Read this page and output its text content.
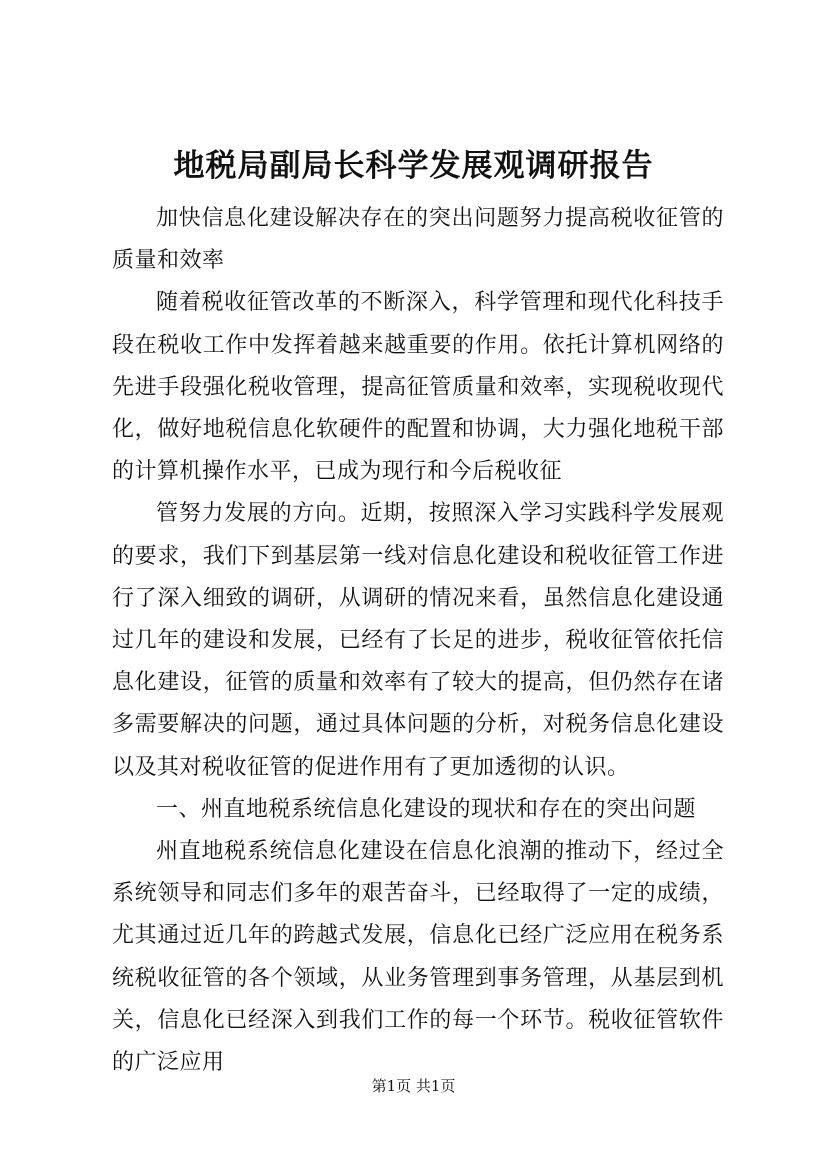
地税局副局长科学发展观调研报告

加快信息化建设解决存在的突出问题努力提高税收征管的质量和效率

随着税收征管改革的不断深入，科学管理和现代化科技手段在税收工作中发挥着越来越重要的作用。依托计算机网络的先进手段强化税收管理，提高征管质量和效率，实现税收现代化，做好地税信息化软硬件的配置和协调，大力强化地税干部的计算机操作水平，已成为现行和今后税收征

管努力发展的方向。近期，按照深入学习实践科学发展观的要求，我们下到基层第一线对信息化建设和税收征管工作进行了深入细致的调研，从调研的情况来看，虽然信息化建设通过几年的建设和发展，已经有了长足的进步，税收征管依托信息化建设，征管的质量和效率有了较大的提高，但仍然存在诸多需要解决的问题，通过具体问题的分析，对税务信息化建设以及其对税收征管的促进作用有了更加透彻的认识。

一、州直地税系统信息化建设的现状和存在的突出问题

州直地税系统信息化建设在信息化浪潮的推动下，经过全系统领导和同志们多年的艰苦奋斗，已经取得了一定的成绩，尤其通过近几年的跨越式发展，信息化已经广泛应用在税务系统税收征管的各个领域，从业务管理到事务管理，从基层到机关，信息化已经深入到我们工作的每一个环节。税收征管软件的广泛应用

第1页 共1页
